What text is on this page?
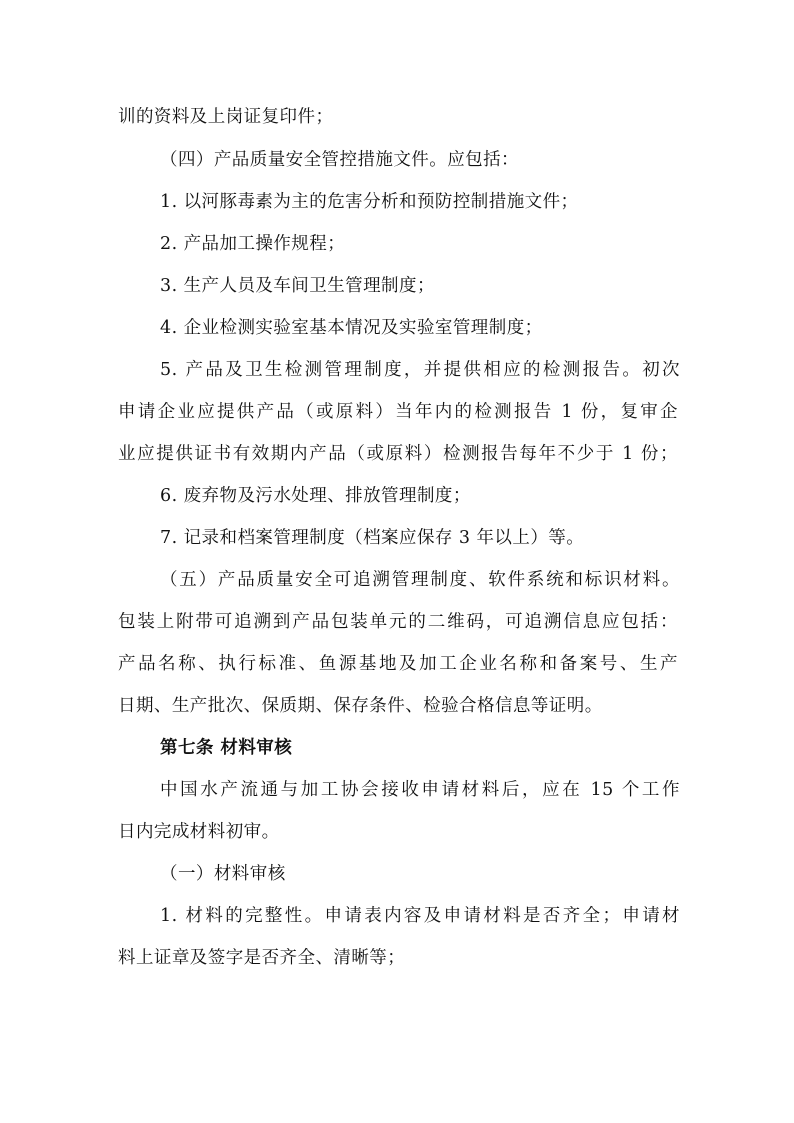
训的资料及上岗证复印件；
（四）产品质量安全管控措施文件。应包括：
1. 以河豚毒素为主的危害分析和预防控制措施文件；
2. 产品加工操作规程；
3. 生产人员及车间卫生管理制度；
4. 企业检测实验室基本情况及实验室管理制度；
5. 产品及卫生检测管理制度，并提供相应的检测报告。初次
申请企业应提供产品（或原料）当年内的检测报告 1 份，复审企
业应提供证书有效期内产品（或原料）检测报告每年不少于 1 份；
6. 废弃物及污水处理、排放管理制度；
7. 记录和档案管理制度（档案应保存 3 年以上）等。
（五）产品质量安全可追溯管理制度、软件系统和标识材料。
包装上附带可追溯到产品包装单元的二维码，可追溯信息应包括：
产品名称、执行标准、鱼源基地及加工企业名称和备案号、生产
日期、生产批次、保质期、保存条件、检验合格信息等证明。
第七条 材料审核
中国水产流通与加工协会接收申请材料后，应在 15 个工作
日内完成材料初审。
（一）材料审核
1. 材料的完整性。申请表内容及申请材料是否齐全；申请材
料上证章及签字是否齐全、清晰等；
